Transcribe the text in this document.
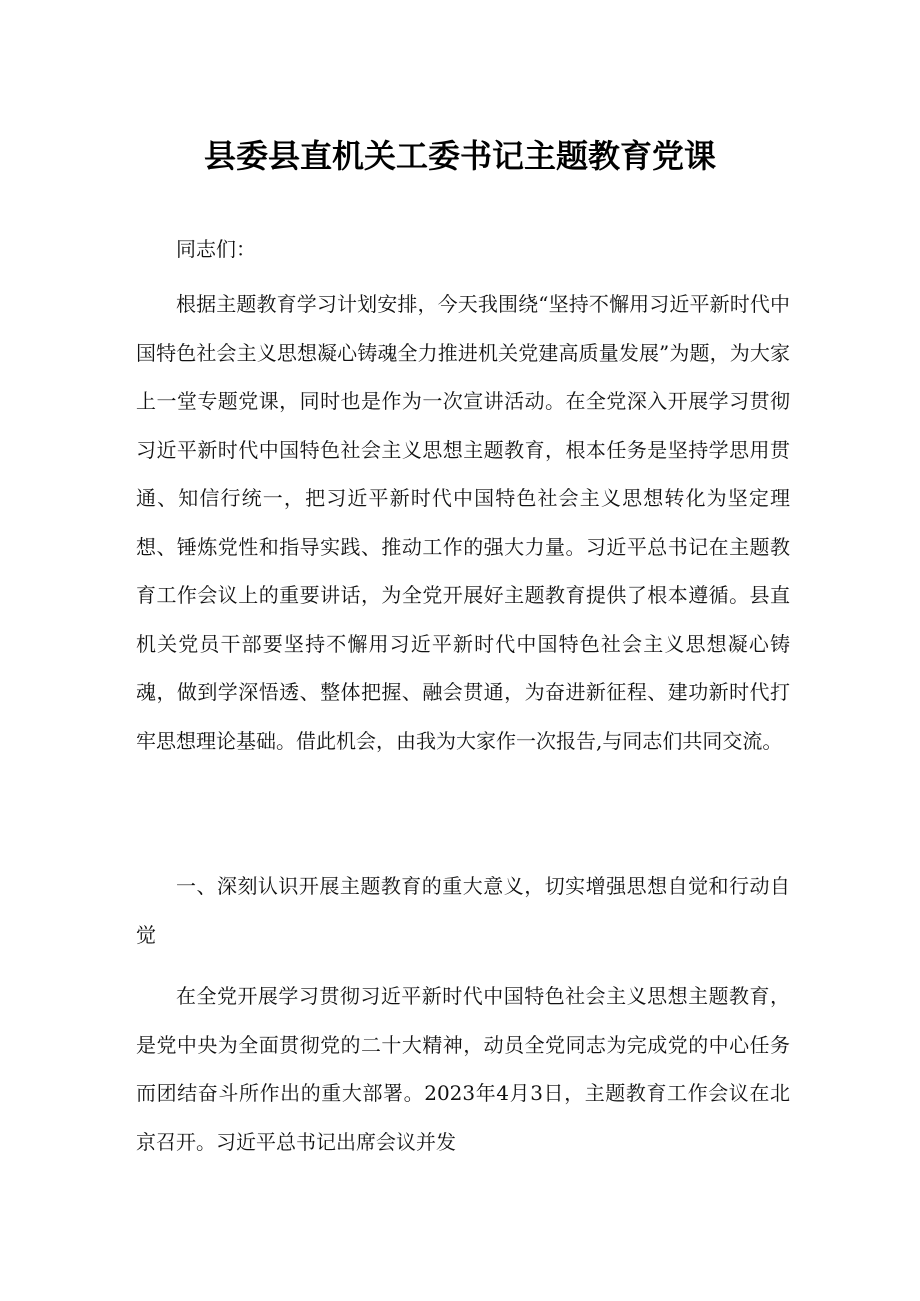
县委县直机关工委书记主题教育党课

同志们：

根据主题教育学习计划安排，今天我围绕“坚持不懈用习近平新时代中国特色社会主义思想凝心铸魂全力推进机关党建高质量发展”为题，为大家上一堂专题党课，同时也是作为一次宣讲活动。在全党深入开展学习贯彻习近平新时代中国特色社会主义思想主题教育，根本任务是坚持学思用贯通、知信行统一，把习近平新时代中国特色社会主义思想转化为坚定理想、锤炼党性和指导实践、推动工作的强大力量。习近平总书记在主题教育工作会议上的重要讲话，为全党开展好主题教育提供了根本遵循。县直机关党员干部要坚持不懈用习近平新时代中国特色社会主义思想凝心铸魂，做到学深悟透、整体把握、融会贯通，为奋进新征程、建功新时代打牢思想理论基础。借此机会，由我为大家作一次报告,与同志们共同交流。

一、深刻认识开展主题教育的重大意义，切实增强思想自觉和行动自觉

在全党开展学习贯彻习近平新时代中国特色社会主义思想主题教育，是党中央为全面贯彻党的二十大精神，动员全党同志为完成党的中心任务而团结奋斗所作出的重大部署。2023年4月3日，主题教育工作会议在北京召开。习近平总书记出席会议并发
